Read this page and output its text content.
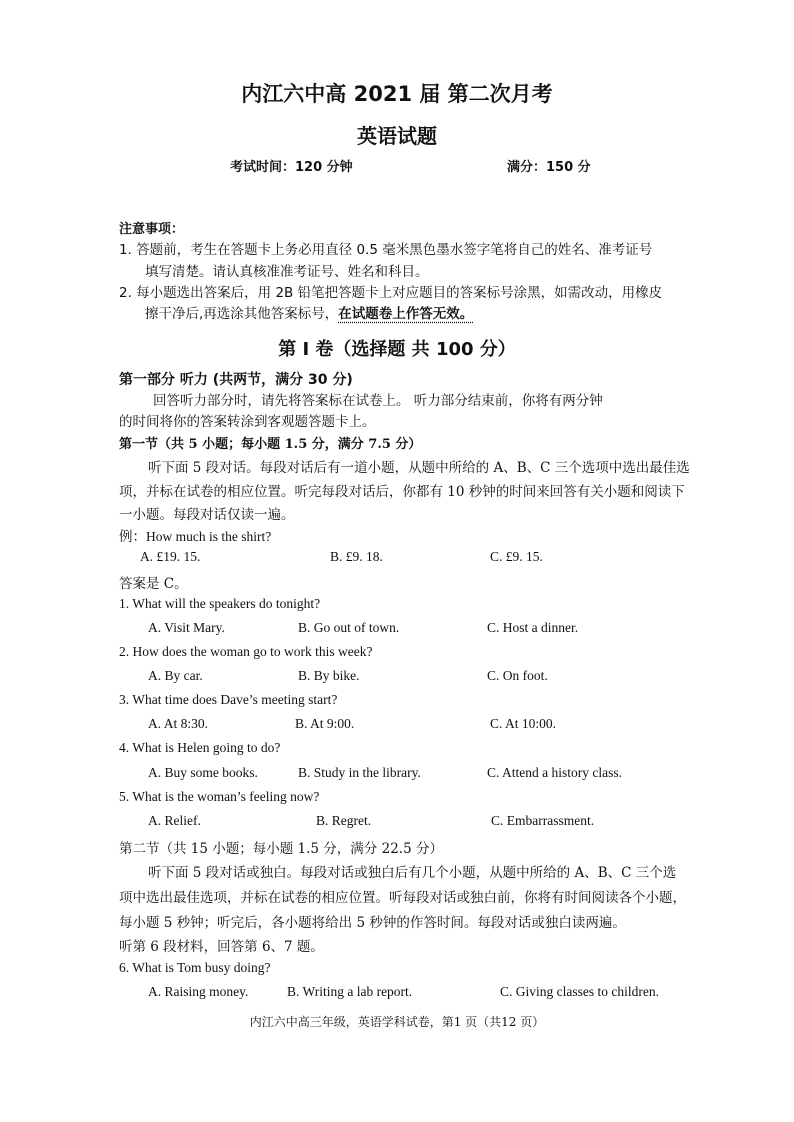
内江六中高 2021 届 第二次月考
英语试题
考试时间：120 分钟	满分：150 分
注意事项：
1. 答题前，考生在答题卡上务必用直径 0.5 毫米黑色墨水签字笔将自己的姓名、准考证号
填写清楚。请认真核准准考证号、姓名和科目。
2. 每小题选出答案后，用 2B 铅笔把答题卡上对应题目的答案标号涂黑，如需改动，用橡皮
擦干净后,再选涂其他答案标号，在试题卷上作答无效。
第 I 卷（选择题 共 100 分）
第一部分 听力 (共两节，满分 30 分)
回答听力部分时，请先将答案标在试卷上。 听力部分结束前，你将有两分钟
的时间将你的答案转涂到客观题答题卡上。
第一节（共 5 小题；每小题 1.5 分，满分 7.5 分）
听下面 5 段对话。每段对话后有一道小题，从题中所给的 A、B、C 三个选项中选出最佳选
项，并标在试卷的相应位置。听完每段对话后，你都有 10 秒钟的时间来回答有关小题和阅读下
一小题。每段对话仅读一遍。
例：How much is the shirt?
A. £19. 15.	B. £9. 18.	C. £9. 15.
答案是 C。
1. What will the speakers do tonight?
A. Visit Mary.	B. Go out of town.	C. Host a dinner.
2. How does the woman go to work this week?
A. By car.	B. By bike.	C. On foot.
3. What time does Dave’s meeting start?
A. At 8:30.	B. At 9:00.	C. At 10:00.
4. What is Helen going to do?
A. Buy some books.	B. Study in the library.	C. Attend a history class.
5. What is the woman’s feeling now?
A. Relief.	B. Regret.	C. Embarrassment.
第二节（共 15 小题；每小题 1.5 分，满分 22.5 分）
听下面 5 段对话或独白。每段对话或独白后有几个小题，从题中所给的 A、B、C 三个选
项中选出最佳选项，并标在试卷的相应位置。听每段对话或独白前，你将有时间阅读各个小题，
每小题 5 秒钟；听完后，各小题将给出 5 秒钟的作答时间。每段对话或独白读两遍。
听第 6 段材料，回答第 6、7 题。
6. What is Tom busy doing?
A. Raising money.	B. Writing a lab report.	C. Giving classes to children.
内江六中高三年级，英语学科试卷，第1 页（共12 页）
